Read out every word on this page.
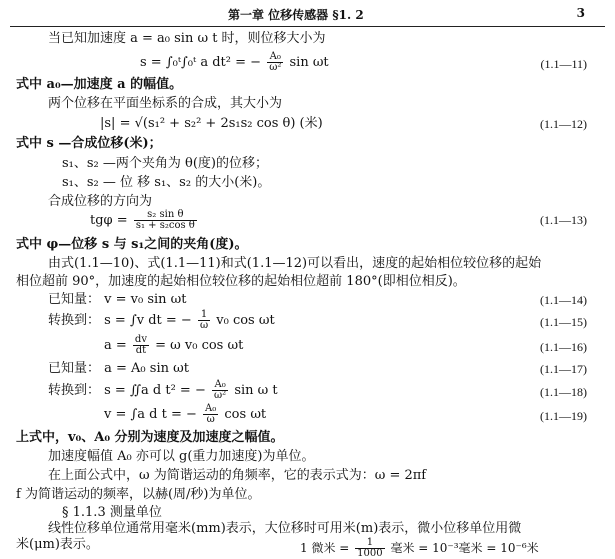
第一章 位移传感器 §1. 2	3
当已知加速度 a = a₀ sin ω t 时，则位移大小为
s = ∫₀ᵗ∫₀ᵗ a dt² = − $\frac{\text{A₀}}{\text{ω²}}$ sin ωt	(1.1—11)
式中 a₀—加速度 a 的幅值。
两个位移在平面坐标系的合成，其大小为
|s| = √(s₁² + s₂² + 2s₁s₂ cos θ) (米)	(1.1—12)
式中 s —合成位移(米)；
s₁、s₂ —两个夹角为 θ(度)的位移；
s₁、s₂ — 位 移 s₁、s₂ 的大小(米)。
合成位移的方向为
$tg\varphi = \frac{\text{s₂ sin θ}}{\text{s₁ + s₂cos θ}}$	(1.1—13)
式中 φ—位移 s 与 s₁之间的夹角(度)。
由式(1.1—10)、式(1.1—11)和式(1.1—12)可以看出，速度的起始相位较位移的起始
相位超前 90°，加速度的起始相位较位移的起始相位超前 180°(即相位相反)。
已知量： v = v₀ sin ωt	(1.1—14)
转换到： s = ∫v dt = − $\frac{1}{\omega} v_0$ cos ωt	(1.1—15)
$a = \frac{dv}{dt} = \omega$ v₀ cos ωt	(1.1—16)
已知量： a = A₀ sin ωt	(1.1—17)
转换到： s = ∬a d t² = − $\frac{\text{A₀}}{\text{ω²}}$ sin ω t	(1.1—18)
v = ∫a d t = − $\frac{\text{A₀}}{\omega}$ cos ωt	(1.1—19)
上式中，v₀、A₀ 分别为速度及加速度之幅值。
加速度幅值 A₀ 亦可以 g(重力加速度)为单位。
在上面公式中，ω 为简谐运动的角频率，它的表示式为：ω = 2πf
f 为简谐运动的频率，以赫(周/秒)为单位。
§ 1.1.3 测量单位
线性位移单位通常用毫米(mm)表示，大位移时可用米(m)表示，微小位移单位用微
米(μm)表示。	1 微米 = $\frac{1}{1000}$ 毫米 = 10⁻³毫米 = 10⁻⁶米
